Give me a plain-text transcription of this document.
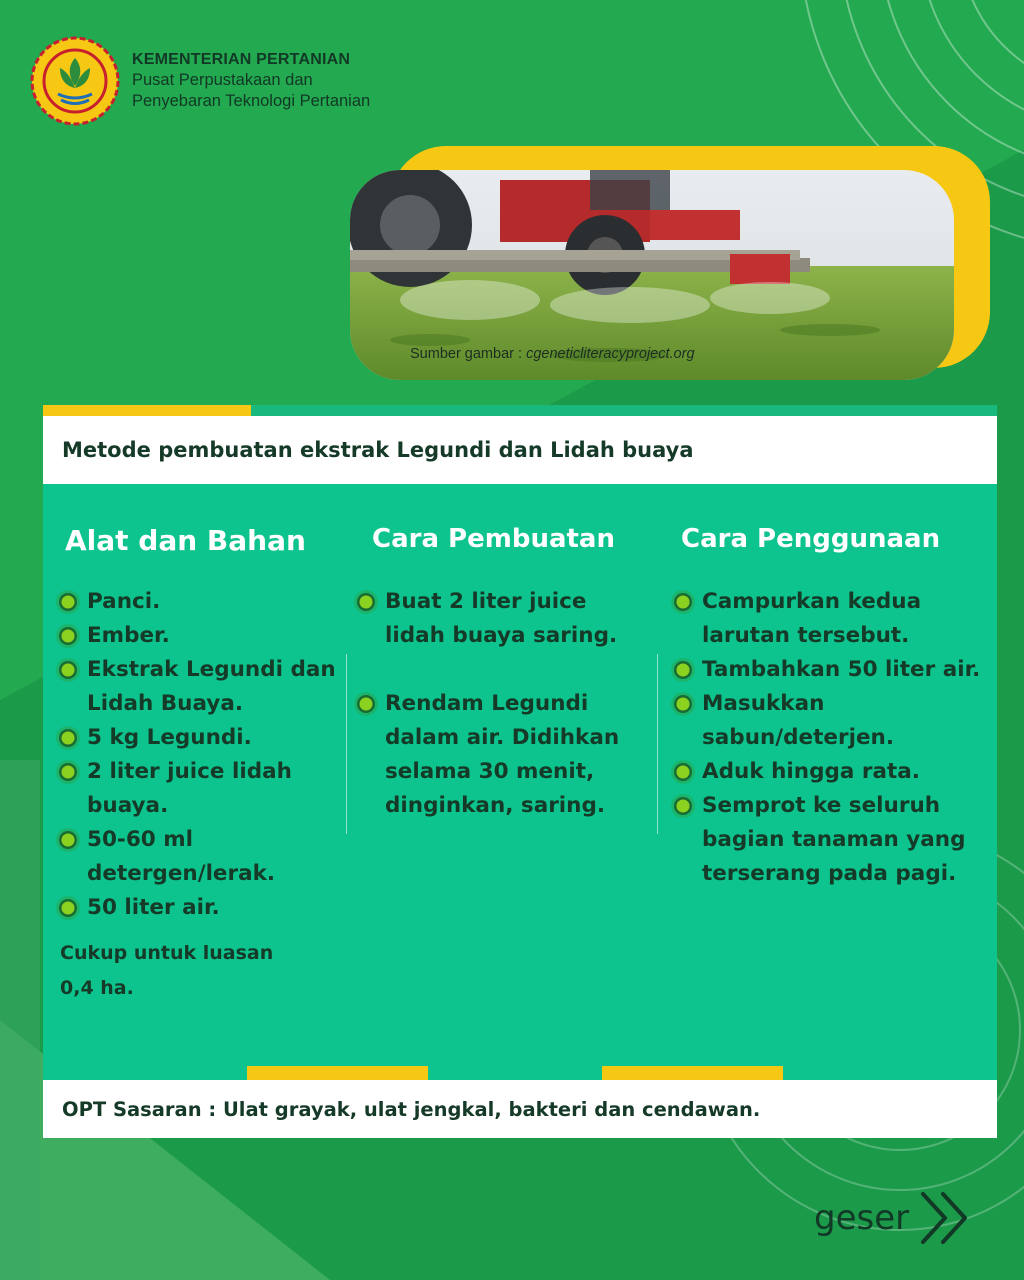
KEMENTERIAN PERTANIAN
Pusat Perpustakaan dan
Penyebaran Teknologi Pertanian
Sumber gambar : cgeneticliteracyproject.org
Metode pembuatan ekstrak Legundi dan Lidah buaya
Alat dan Bahan	Cara Pembuatan	Cara Penggunaan
Panci.
Ember.
Ekstrak Legundi dan Lidah Buaya.
5 kg Legundi.
2 liter juice lidah buaya.
50-60 ml detergen/lerak.
50 liter air.
Cukup untuk luasan
0,4 ha.
Buat 2 liter juice lidah buaya saring.
Rendam Legundi dalam air. Didihkan selama 30 menit, dinginkan, saring.
Campurkan kedua larutan tersebut.
Tambahkan 50 liter air.
Masukkan sabun/deterjen.
Aduk hingga rata.
Semprot ke seluruh bagian tanaman yang terserang pada pagi.
OPT Sasaran : Ulat grayak, ulat jengkal, bakteri dan cendawan.
geser
